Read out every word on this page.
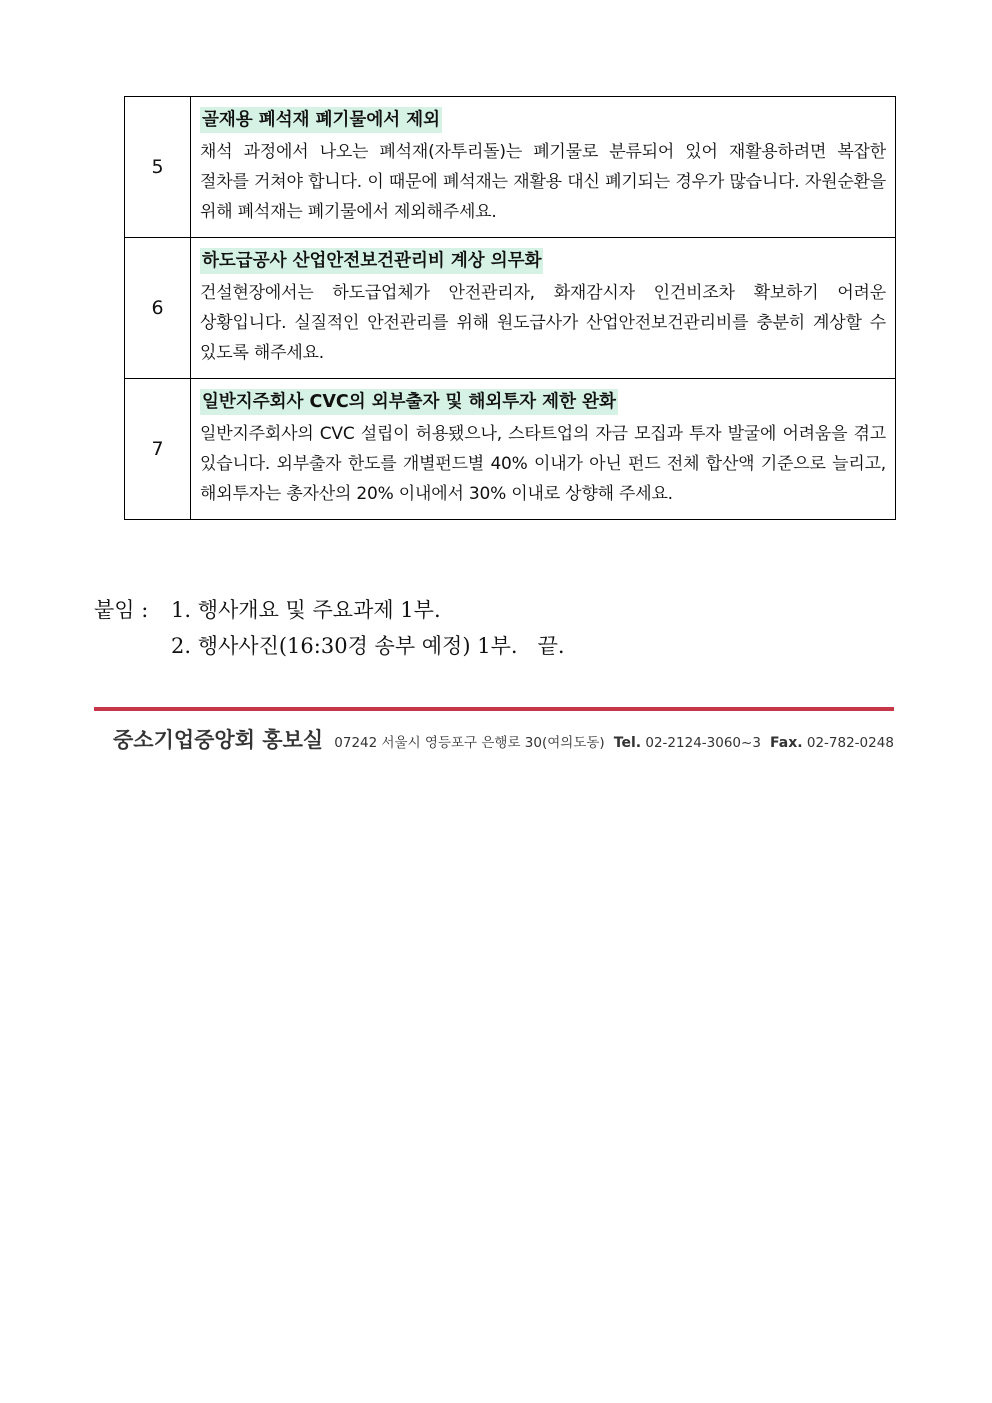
5	골재용 폐석재 폐기물에서 제외
채석 과정에서 나오는 폐석재(자투리돌)는 폐기물로 분류되어 있어 재활용하려면 복잡한 절차를 거쳐야 합니다. 이 때문에 폐석재는 재활용 대신 폐기되는 경우가 많습니다. 자원순환을 위해 폐석재는 폐기물에서 제외해주세요.

6	하도급공사 산업안전보건관리비 계상 의무화
건설현장에서는 하도급업체가 안전관리자, 화재감시자 인건비조차 확보하기 어려운 상황입니다. 실질적인 안전관리를 위해 원도급사가 산업안전보건관리비를 충분히 계상할 수 있도록 해주세요.

7	일반지주회사 CVC의 외부출자 및 해외투자 제한 완화
일반지주회사의 CVC 설립이 허용됐으나, 스타트업의 자금 모집과 투자 발굴에 어려움을 겪고 있습니다. 외부출자 한도를 개별펀드별 40% 이내가 아닌 펀드 전체 합산액 기준으로 늘리고, 해외투자는 총자산의 20% 이내에서 30% 이내로 상향해 주세요.
붙임 : 1. 행사개요 및 주요과제 1부.
2. 행사사진(16:30경 송부 예정) 1부.   끝.
중소기업중앙회 홍보실 07242 서울시 영등포구 은행로 30(여의도동) Tel. 02-2124-3060~3 Fax. 02-782-0248
